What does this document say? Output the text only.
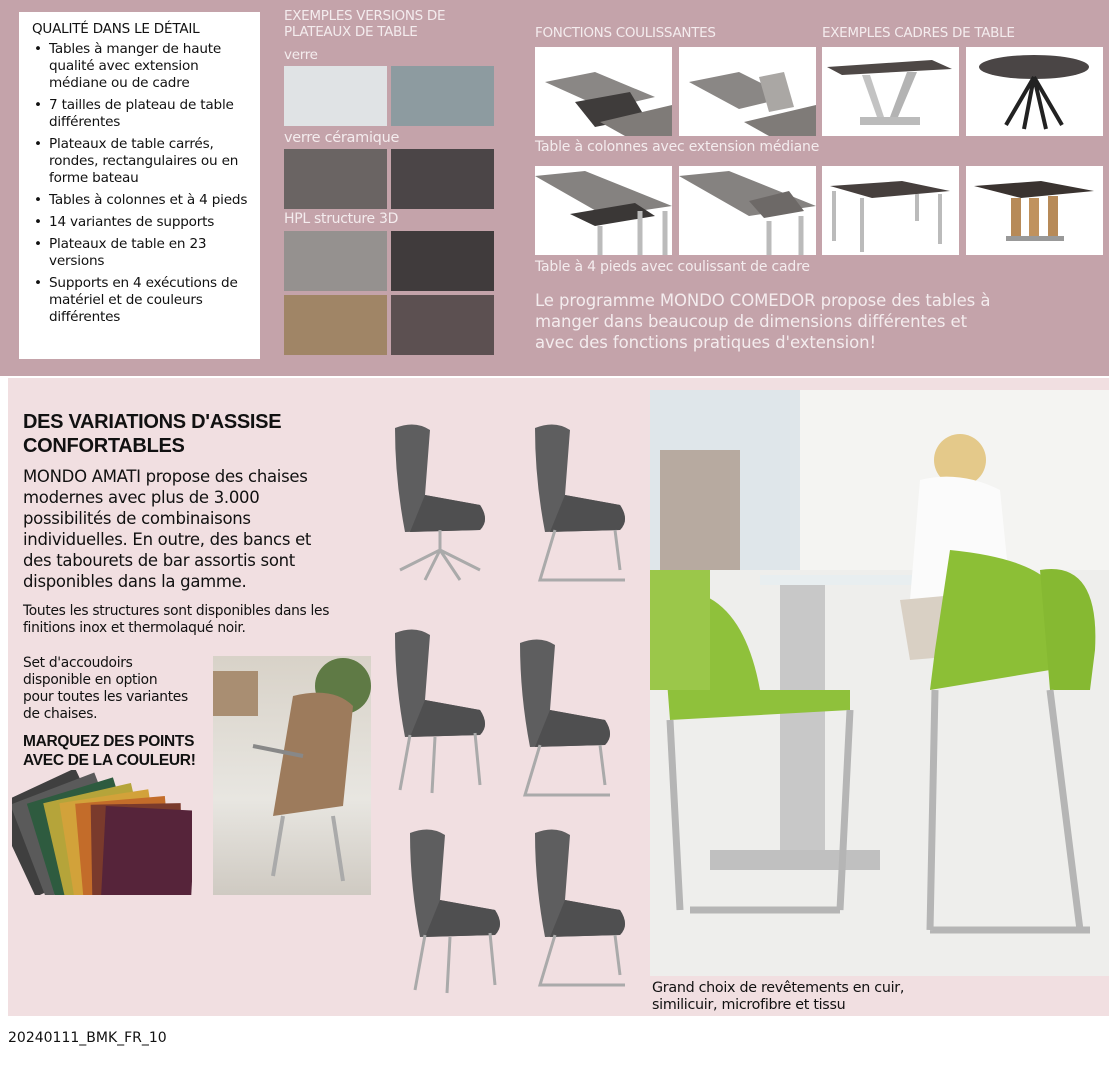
QUALITÉ DANS LE DÉTAIL
• Tables à manger de haute qualité avec extension médiane ou de cadre
• 7 tailles de plateau de table différentes
• Plateaux de table carrés, rondes, rectangulaires ou en forme bateau
• Tables à colonnes et à 4 pieds
• 14 variantes de supports
• Plateaux de table en 23 versions
• Supports en 4 exécutions de matériel et de couleurs différentes
EXEMPLES VERSIONS DE PLATEAUX DE TABLE
verre
verre céramique
HPL structure 3D
FONCTIONS COULISSANTES	EXEMPLES CADRES DE TABLE
Table à colonnes avec extension médiane
Table à 4 pieds avec coulissant de cadre
Le programme MONDO COMEDOR propose des tables à manger dans beaucoup de dimensions différentes et avec des fonctions pratiques d'extension!
DES VARIATIONS D'ASSISE CONFORTABLES
MONDO AMATI propose des chaises modernes avec plus de 3.000 possibilités de combinaisons individuelles. En outre, des bancs et des tabourets de bar assortis sont disponibles dans la gamme.
Toutes les structures sont disponibles dans les finitions inox et thermolaqué noir.
Set d'accoudoirs disponible en option pour toutes les variantes de chaises.
MARQUEZ DES POINTS AVEC DE LA COULEUR!
Grand choix de revêtements en cuir, similicuir, microfibre et tissu
20240111_BMK_FR_10
